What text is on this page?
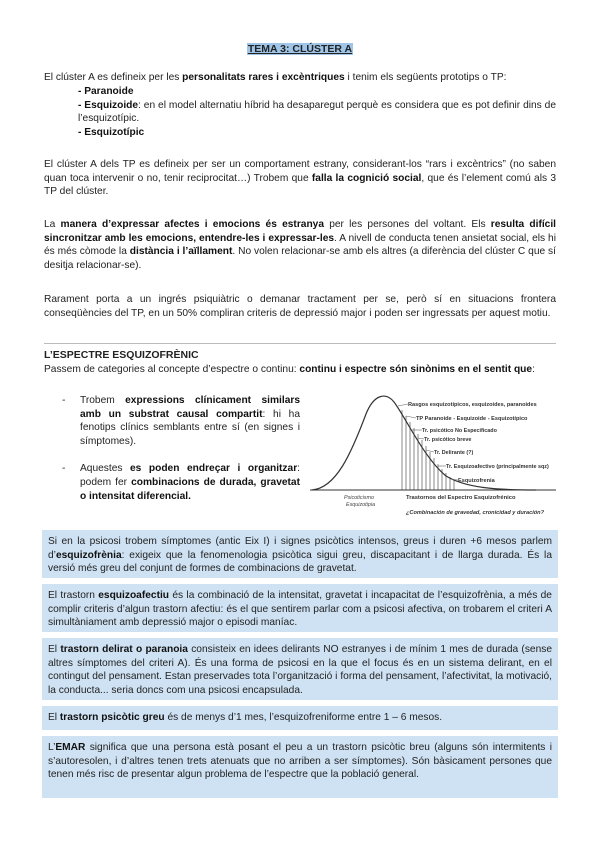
TEMA 3: CLÚSTER A

El clúster A es defineix per les personalitats rares i excèntriques i tenim els següents prototips o TP:

- Paranoide
- Esquizoide: en el model alternatiu híbrid ha desaparegut perquè es considera que es pot definir dins de l’esquizotípic.
- Esquizotípic

El clúster A dels TP es defineix per ser un comportament estrany, considerant-los “rars i excèntrics” (no saben quan toca intervenir o no, tenir reciprocitat…) Trobem que falla la cognició social, que és l’element comú als 3 TP del clúster.

La manera d’expressar afectes i emocions és estranya per les persones del voltant. Els resulta difícil sincronitzar amb les emocions, entendre-les i expressar-les. A nivell de conducta tenen ansietat social, els hi és més còmode la distància i l’aïllament. No volen relacionar-se amb els altres (a diferència del clúster C que sí desitja relacionar-se).

Rarament porta a un ingrés psiquiàtric o demanar tractament per se, però sí en situacions frontera conseqüències del TP, en un 50% compliran criteris de depressió major i poden ser ingressats per aquest motiu.

L’ESPECTRE ESQUIZOFRÈNIC

Passem de categories al concepte d’espectre o continu: continu i espectre són sinònims en el sentit que:

-	Trobem expressions clínicament similars amb un substrat causal compartit: hi ha fenotips clínics semblants entre sí (en signes i símptomes).
-	Aquestes es poden endreçar i organitzar: podem fer combinacions de durada, gravetat o intensitat diferencial.
Rasgos esquizotípicos, esquizoides, paranoides
TP Paranoide - Esquizoide - Esquizotípico
Tr. psicótico No Especificado
Tr. psicótico breve
Tr. Delirante (?)
Tr. Esquizoafectivo (principalmente sqz)
Esquizofrenia
Psicoticismo
Esquizotipia
Trastornos del Espectro Esquizofrénico
¿Combinación de gravedad, cronicidad y duración?
Si en la psicosi trobem símptomes (antic Eix I) i signes psicòtics intensos, greus i duren +6 mesos parlem d’esquizofrènia: exigeix que la fenomenologia psicòtica sigui greu, discapacitant i de llarga durada. És la versió més greu del conjunt de formes de combinacions de gravetat.
El trastorn esquizoafectiu és la combinació de la intensitat, gravetat i incapacitat de l’esquizofrènia, a més de complir criteris d’algun trastorn afectiu: és el que sentirem parlar com a psicosi afectiva, on trobarem el criteri A simultàniament amb depressió major o episodi maníac.
El trastorn delirat o paranoia consisteix en idees delirants NO estranyes i de mínim 1 mes de durada (sense altres símptomes del criteri A). És una forma de psicosi en la que el focus és en un sistema delirant, en el contingut del pensament. Estan preservades tota l’organització i forma del pensament, l’afectivitat, la motivació, la conducta... seria doncs com una psicosi encapsulada.
El trastorn psicòtic greu és de menys d’1 mes, l’esquizofreniforme entre 1 – 6 mesos.
L’EMAR significa que una persona està posant el peu a un trastorn psicòtic breu (alguns són intermitents i s’autoresolen, i d’altres tenen trets atenuats que no arriben a ser símptomes). Són bàsicament persones que tenen més risc de presentar algun problema de l’espectre que la població general.
